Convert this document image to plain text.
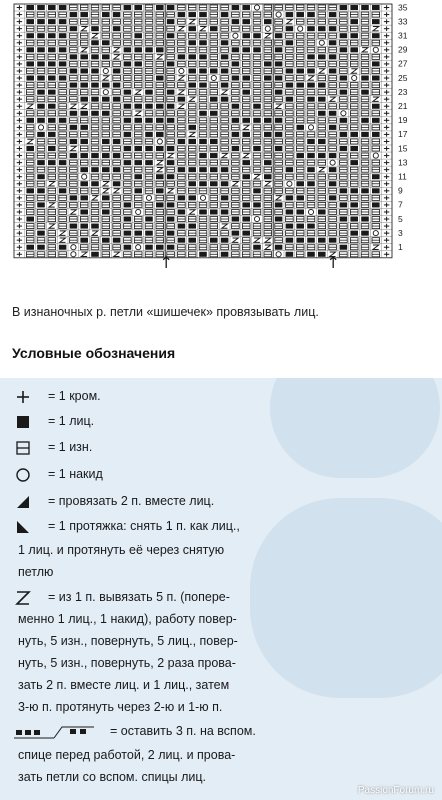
35
33
31
29
27
25
23
21
19
17
15
13
11
9
7
5
3
1
↑	↑
В изнаночных р. петли «шишечек» провязывать лиц.
Условные обозначения
= 1 кром.
= 1 лиц.
= 1 изн.
= 1 накид
= провязать 2 п. вместе лиц.
= 1 протяжка: снять 1 п. как лиц.,
1 лиц. и протянуть её через снятую
петлю
= из 1 п. вывязать 5 п. (попере-
менно 1 лиц., 1 накид), работу повер-
нуть, 5 изн., повернуть, 5 лиц., повер-
нуть, 5 изн., повернуть, 2 раза прова-
зать 2 п. вместе лиц. и 1 лиц., затем
3-ю п. протянуть через 2-ю и 1-ю п.
= оставить 3 п. на вспом.
спице перед работой, 2 лиц. и прова-
зать петли со вспом. спицы лиц.
PassionForum.ru
